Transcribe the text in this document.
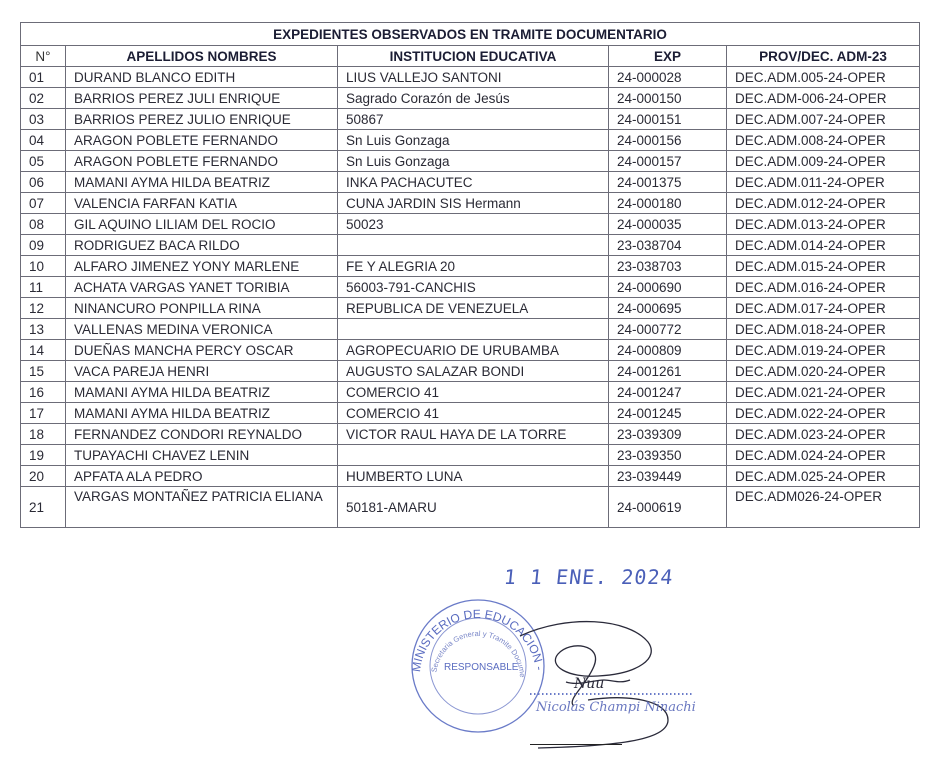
EXPEDIENTES OBSERVADOS EN TRAMITE DOCUMENTARIO				
N°	APELLIDOS NOMBRES	INSTITUCION EDUCATIVA	EXP	PROV/DEC. ADM-23
01	DURAND BLANCO EDITH	LIUS VALLEJO SANTONI	24-000028	DEC.ADM.005-24-OPER
02	BARRIOS PEREZ JULI ENRIQUE	Sagrado Corazón de Jesús	24-000150	DEC.ADM-006-24-OPER
03	BARRIOS PEREZ JULIO ENRIQUE	50867	24-000151	DEC.ADM.007-24-OPER
04	ARAGON POBLETE FERNANDO	Sn Luis Gonzaga	24-000156	DEC.ADM.008-24-OPER
05	ARAGON POBLETE FERNANDO	Sn Luis Gonzaga	24-000157	DEC.ADM.009-24-OPER
06	MAMANI AYMA HILDA BEATRIZ	INKA PACHACUTEC	24-001375	DEC.ADM.011-24-OPER
07	VALENCIA FARFAN KATIA	CUNA JARDIN SIS Hermann	24-000180	DEC.ADM.012-24-OPER
08	GIL AQUINO LILIAM DEL ROCIO	50023	24-000035	DEC.ADM.013-24-OPER
09	RODRIGUEZ BACA RILDO		23-038704	DEC.ADM.014-24-OPER
10	ALFARO JIMENEZ YONY MARLENE	FE Y ALEGRIA 20	23-038703	DEC.ADM.015-24-OPER
11	ACHATA VARGAS YANET TORIBIA	56003-791-CANCHIS	24-000690	DEC.ADM.016-24-OPER
12	NINANCURO PONPILLA RINA	REPUBLICA DE VENEZUELA	24-000695	DEC.ADM.017-24-OPER
13	VALLENAS MEDINA VERONICA		24-000772	DEC.ADM.018-24-OPER
14	DUEÑAS MANCHA PERCY OSCAR	AGROPECUARIO DE URUBAMBA	24-000809	DEC.ADM.019-24-OPER
15	VACA PAREJA HENRI	AUGUSTO SALAZAR BONDI	24-001261	DEC.ADM.020-24-OPER
16	MAMANI AYMA HILDA BEATRIZ	COMERCIO 41	24-001247	DEC.ADM.021-24-OPER
17	MAMANI AYMA HILDA BEATRIZ	COMERCIO 41	24-001245	DEC.ADM.022-24-OPER
18	FERNANDEZ CONDORI REYNALDO	VICTOR RAUL HAYA DE LA TORRE	23-039309	DEC.ADM.023-24-OPER
19	TUPAYACHI CHAVEZ LENIN		23-039350	DEC.ADM.024-24-OPER
20	APFATA ALA PEDRO	HUMBERTO LUNA	23-039449	DEC.ADM.025-24-OPER
21	VARGAS MONTAÑEZ PATRICIA ELIANA	50181-AMARU	24-000619	DEC.ADM026-24-OPER
1 1 ENE. 2024
MINISTERIO DE EDUCACION -
Secretaria General y Tramite Docume
RESPONSABLE
Nuu
Nicolás Champi Ninachi
